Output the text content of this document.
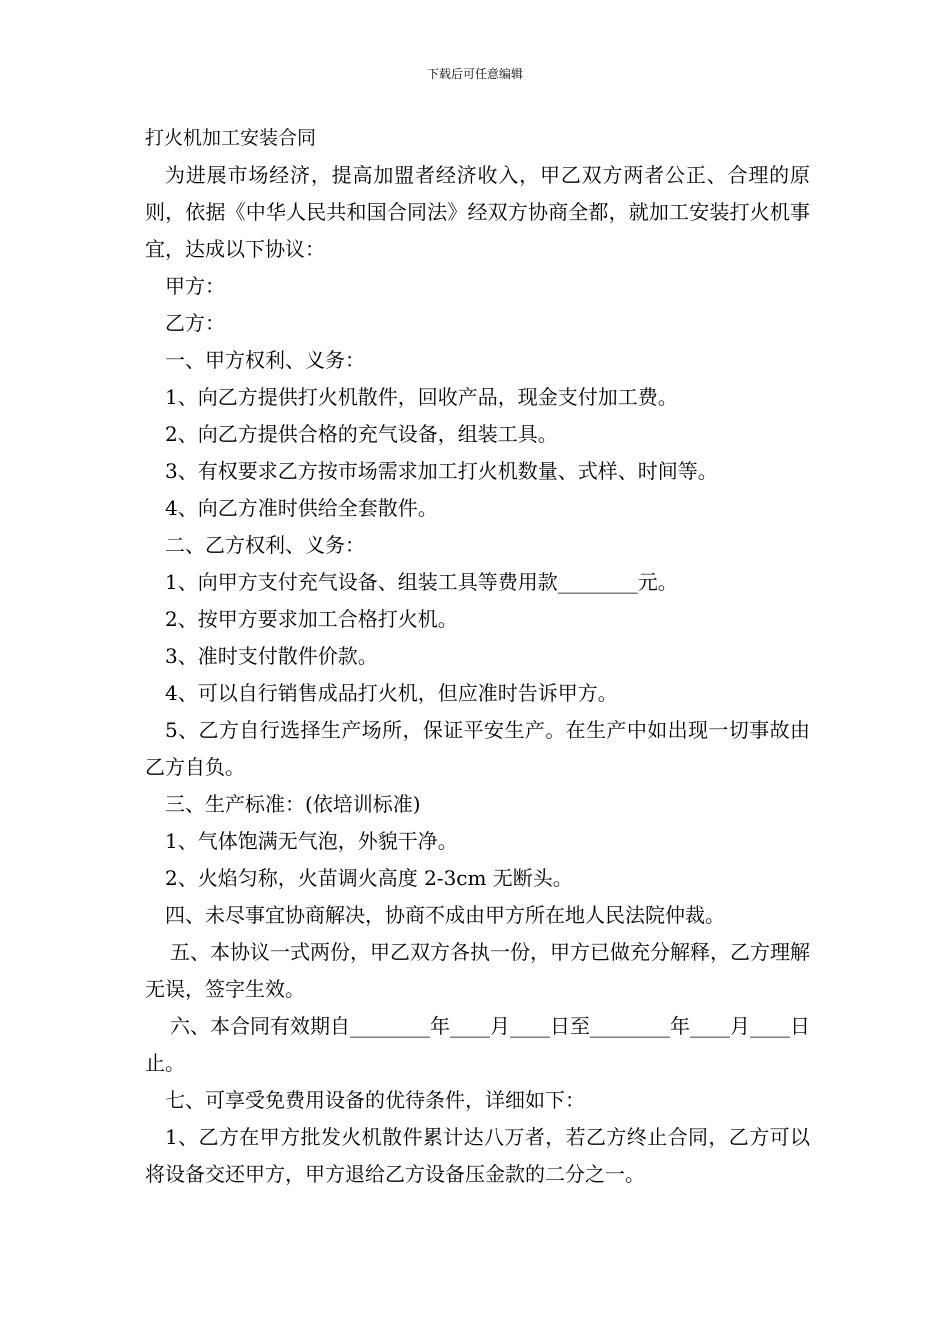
下载后可任意编辑

打火机加工安装合同

为进展市场经济，提高加盟者经济收入，甲乙双方两者公正、合理的原则，依据《中华人民共和国合同法》经双方协商全都，就加工安装打火机事宜，达成以下协议：

甲方：

乙方：

一、甲方权利、义务：

1、向乙方提供打火机散件，回收产品，现金支付加工费。

2、向乙方提供合格的充气设备，组装工具。

3、有权要求乙方按市场需求加工打火机数量、式样、时间等。

4、向乙方准时供给全套散件。

二、乙方权利、义务：

1、向甲方支付充气设备、组装工具等费用款________元。

2、按甲方要求加工合格打火机。

3、准时支付散件价款。

4、可以自行销售成品打火机，但应准时告诉甲方。

5、乙方自行选择生产场所，保证平安生产。在生产中如出现一切事故由乙方自负。

三、生产标准：(依培训标准)

1、气体饱满无气泡，外貌干净。

2、火焰匀称，火苗调火高度 2-3cm 无断头。

四、未尽事宜协商解决，协商不成由甲方所在地人民法院仲裁。

五、本协议一式两份，甲乙双方各执一份，甲方已做充分解释，乙方理解无误，签字生效。

六、本合同有效期自________年____月____日至________年____月____日止。

七、可享受免费用设备的优待条件，详细如下：

1、乙方在甲方批发火机散件累计达八万者，若乙方终止合同，乙方可以将设备交还甲方，甲方退给乙方设备压金款的二分之一。
